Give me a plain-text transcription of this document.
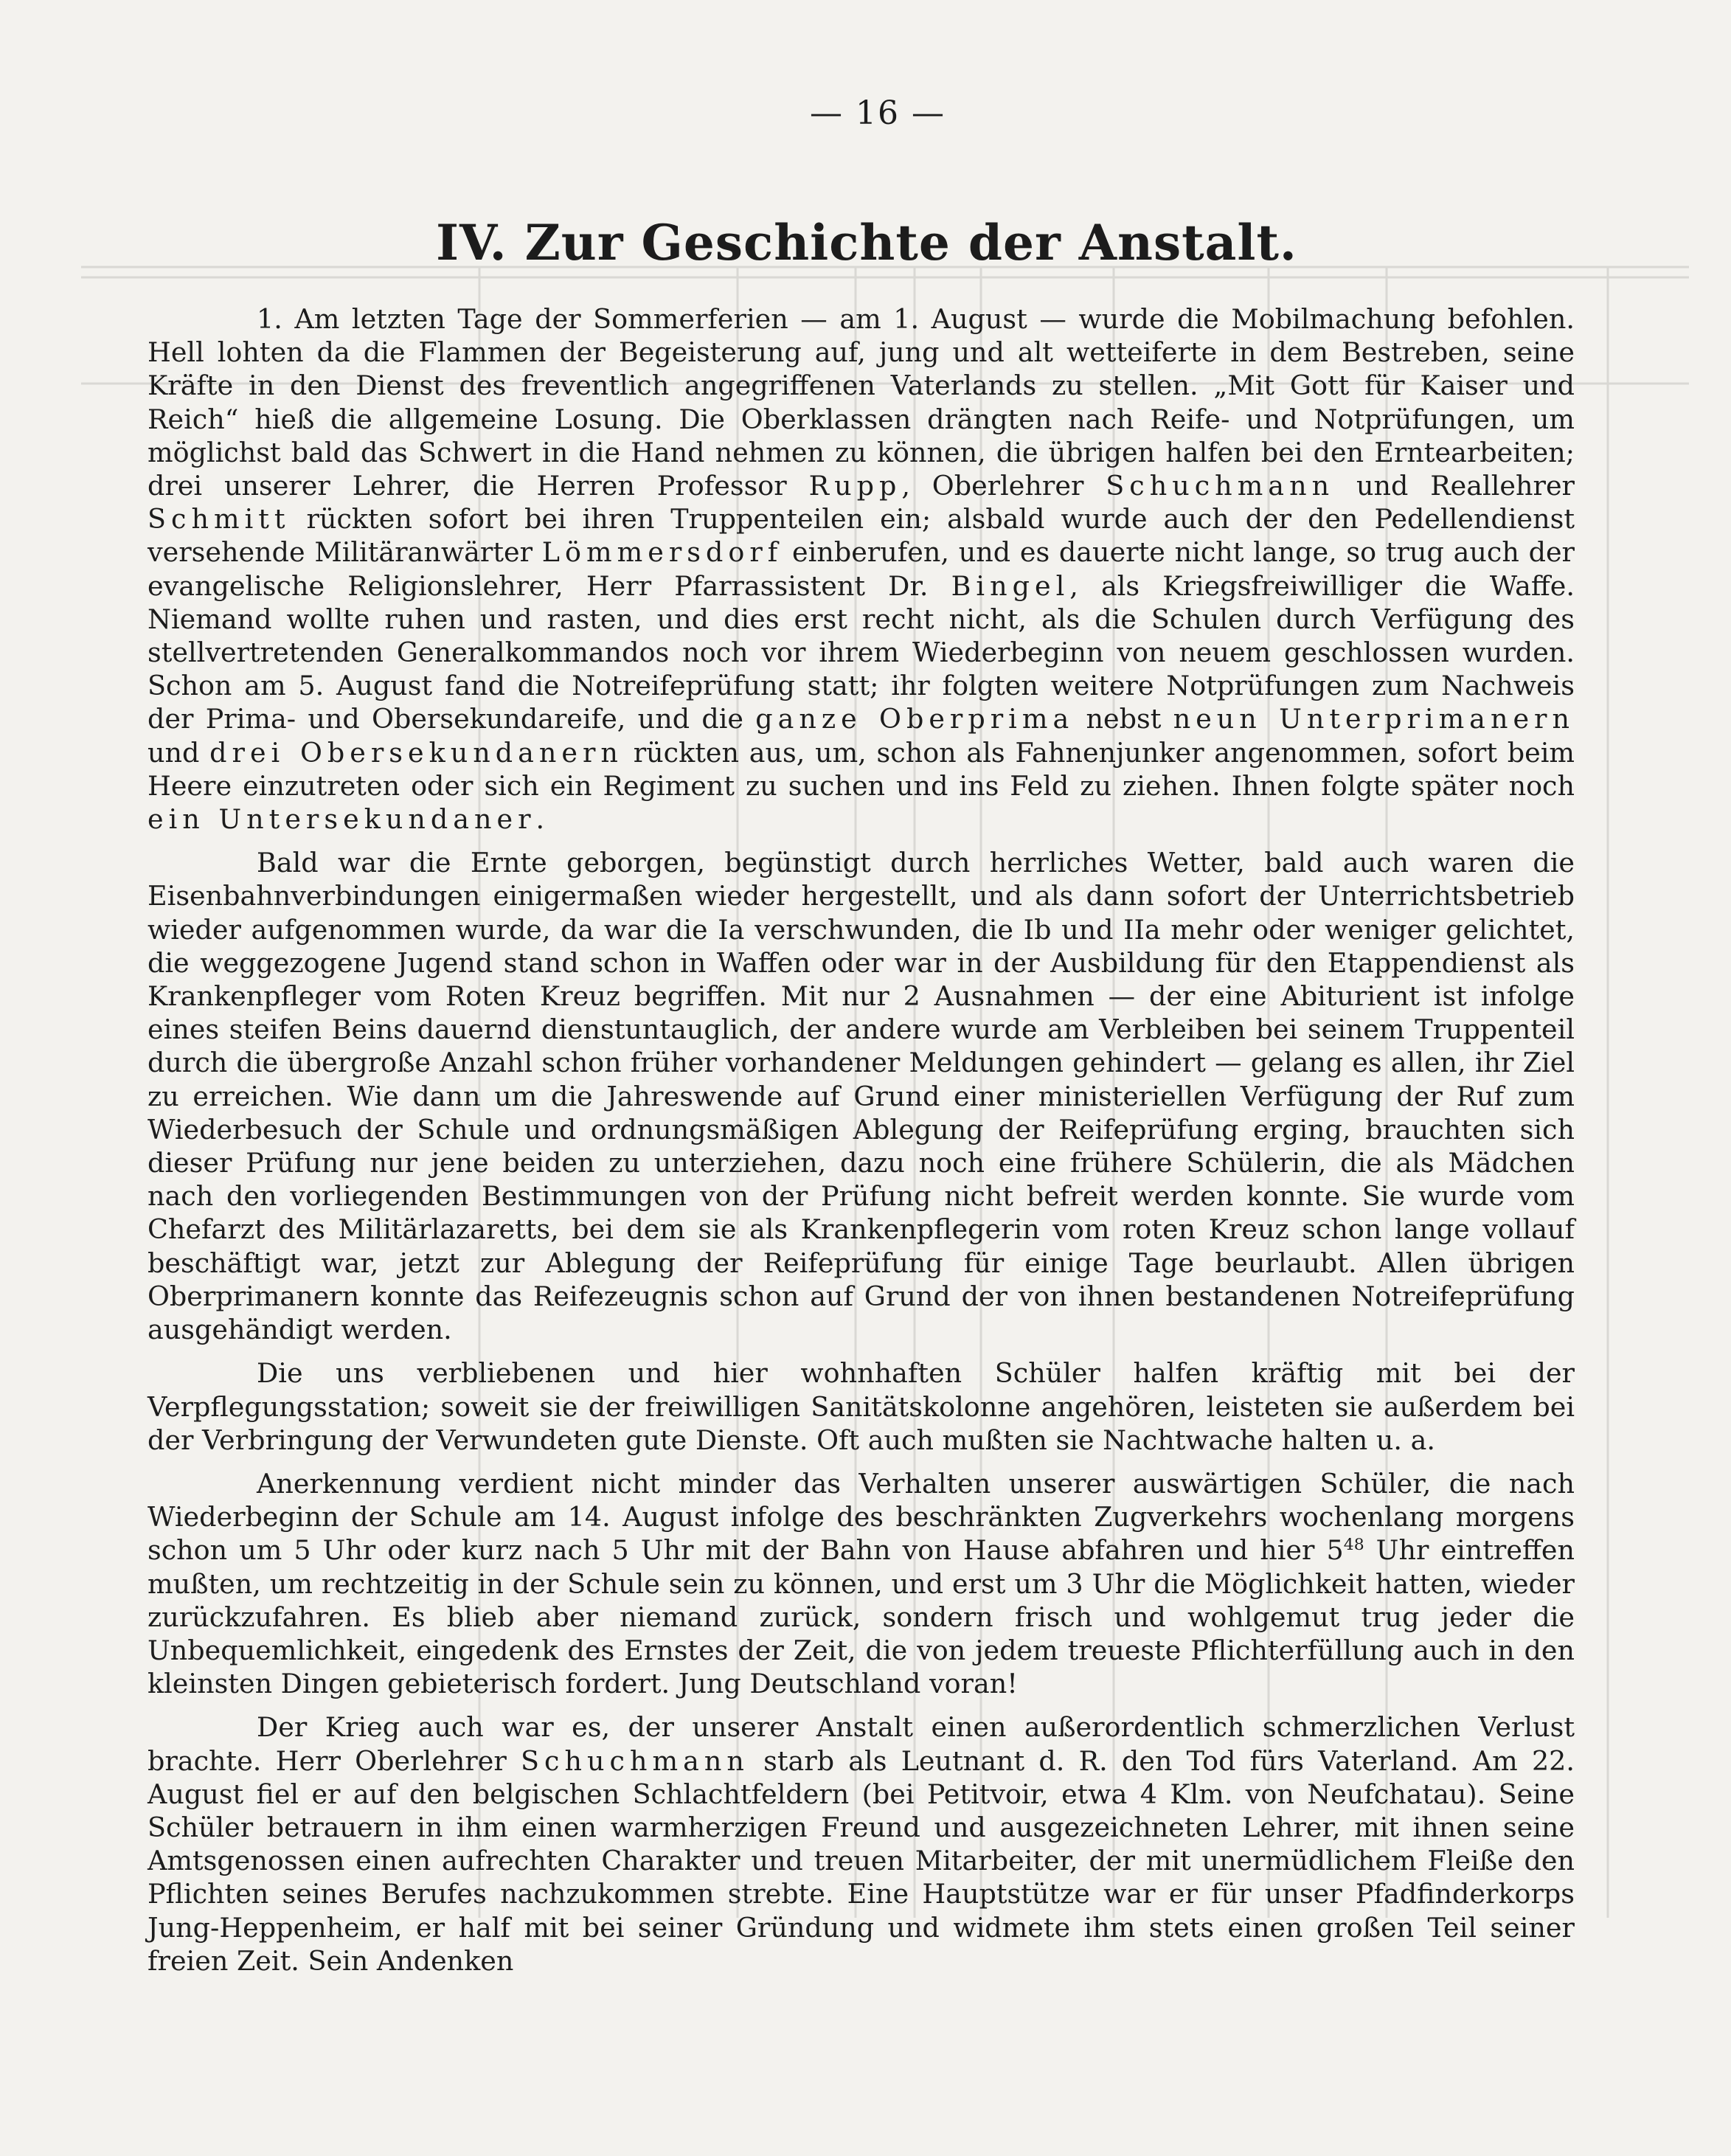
— 16 —
IV. Zur Geschichte der Anstalt.

1. Am letzten Tage der Sommerferien — am 1. August — wurde die Mobilmachung befohlen. Hell lohten da die Flammen der Begeisterung auf, jung und alt wetteiferte in dem Bestreben, seine Kräfte in den Dienst des freventlich angegriffenen Vaterlands zu stellen. „Mit Gott für Kaiser und Reich“ hieß die allgemeine Losung. Die Oberklassen drängten nach Reife- und Notprüfungen, um möglichst bald das Schwert in die Hand nehmen zu können, die übrigen halfen bei den Erntearbeiten; drei unserer Lehrer, die Herren Professor Rupp, Oberlehrer Schuchmann und Reallehrer Schmitt rückten sofort bei ihren Truppenteilen ein; alsbald wurde auch der den Pedellendienst versehende Militäranwärter Lömmersdorf einberufen, und es dauerte nicht lange, so trug auch der evangelische Religionslehrer, Herr Pfarrassistent Dr. Bingel, als Kriegsfreiwilliger die Waffe. Niemand wollte ruhen und rasten, und dies erst recht nicht, als die Schulen durch Verfügung des stellvertretenden Generalkommandos noch vor ihrem Wiederbeginn von neuem geschlossen wurden. Schon am 5. August fand die Notreifeprüfung statt; ihr folgten weitere Notprüfungen zum Nachweis der Prima- und Obersekundareife, und die ganze Oberprima nebst neun Unterprimanern und drei Obersekundanern rückten aus, um, schon als Fahnenjunker angenommen, sofort beim Heere einzutreten oder sich ein Regiment zu suchen und ins Feld zu ziehen. Ihnen folgte später noch ein Untersekundaner.

Bald war die Ernte geborgen, begünstigt durch herrliches Wetter, bald auch waren die Eisenbahnverbindungen einigermaßen wieder hergestellt, und als dann sofort der Unterrichtsbetrieb wieder aufgenommen wurde, da war die Ia verschwunden, die Ib und IIa mehr oder weniger gelichtet, die weggezogene Jugend stand schon in Waffen oder war in der Ausbildung für den Etappendienst als Krankenpfleger vom Roten Kreuz begriffen. Mit nur 2 Ausnahmen — der eine Abiturient ist infolge eines steifen Beins dauernd dienstuntauglich, der andere wurde am Verbleiben bei seinem Truppenteil durch die übergroße Anzahl schon früher vorhandener Meldungen gehindert — gelang es allen, ihr Ziel zu erreichen. Wie dann um die Jahreswende auf Grund einer ministeriellen Verfügung der Ruf zum Wiederbesuch der Schule und ordnungsmäßigen Ablegung der Reifeprüfung erging, brauchten sich dieser Prüfung nur jene beiden zu unterziehen, dazu noch eine frühere Schülerin, die als Mädchen nach den vorliegenden Bestimmungen von der Prüfung nicht befreit werden konnte. Sie wurde vom Chefarzt des Militärlazaretts, bei dem sie als Krankenpflegerin vom roten Kreuz schon lange vollauf beschäftigt war, jetzt zur Ablegung der Reifeprüfung für einige Tage beurlaubt. Allen übrigen Oberprimanern konnte das Reifezeugnis schon auf Grund der von ihnen bestandenen Notreifeprüfung ausgehändigt werden.

Die uns verbliebenen und hier wohnhaften Schüler halfen kräftig mit bei der Verpflegungsstation; soweit sie der freiwilligen Sanitätskolonne angehören, leisteten sie außerdem bei der Verbringung der Verwundeten gute Dienste. Oft auch mußten sie Nachtwache halten u. a.

Anerkennung verdient nicht minder das Verhalten unserer auswärtigen Schüler, die nach Wiederbeginn der Schule am 14. August infolge des beschränkten Zugverkehrs wochenlang morgens schon um 5 Uhr oder kurz nach 5 Uhr mit der Bahn von Hause abfahren und hier $5^{48}$ Uhr eintreffen mußten, um rechtzeitig in der Schule sein zu können, und erst um 3 Uhr die Möglichkeit hatten, wieder zurückzufahren. Es blieb aber niemand zurück, sondern frisch und wohlgemut trug jeder die Unbequemlichkeit, eingedenk des Ernstes der Zeit, die von jedem treueste Pflichterfüllung auch in den kleinsten Dingen gebieterisch fordert. Jung Deutschland voran!

Der Krieg auch war es, der unserer Anstalt einen außerordentlich schmerzlichen Verlust brachte. Herr Oberlehrer Schuchmann starb als Leutnant d. R. den Tod fürs Vaterland. Am 22. August fiel er auf den belgischen Schlachtfeldern (bei Petitvoir, etwa 4 Klm. von Neufchatau). Seine Schüler betrauern in ihm einen warmherzigen Freund und ausgezeichneten Lehrer, mit ihnen seine Amtsgenossen einen aufrechten Charakter und treuen Mitarbeiter, der mit unermüdlichem Fleiße den Pflichten seines Berufes nachzukommen strebte. Eine Hauptstütze war er für unser Pfadfinderkorps Jung-Heppenheim, er half mit bei seiner Gründung und widmete ihm stets einen großen Teil seiner freien Zeit. Sein Andenken
